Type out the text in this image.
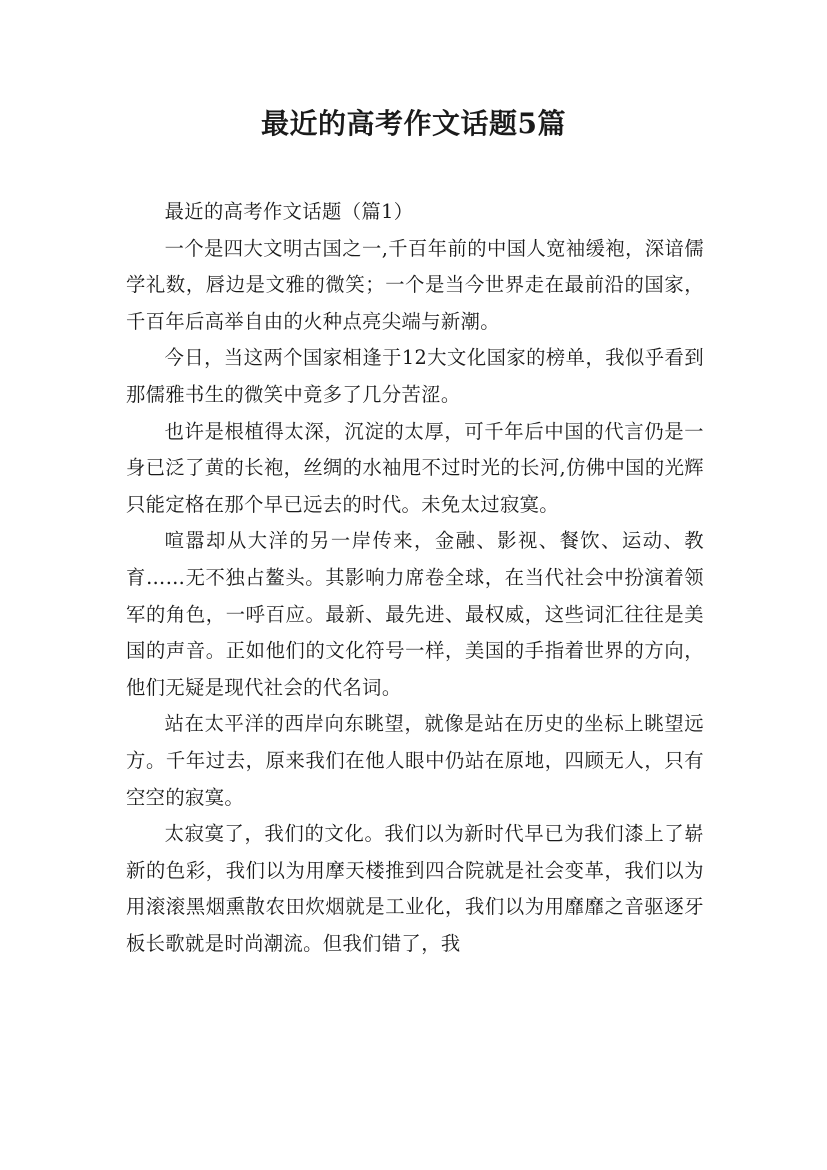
最近的高考作文话题5篇

最近的高考作文话题（篇1）

一个是四大文明古国之一,千百年前的中国人宽袖缓袍，深谙儒学礼数，唇边是文雅的微笑；一个是当今世界走在最前沿的国家，千百年后高举自由的火种点亮尖端与新潮。

今日，当这两个国家相逢于12大文化国家的榜单，我似乎看到那儒雅书生的微笑中竟多了几分苦涩。

也许是根植得太深，沉淀的太厚，可千年后中国的代言仍是一身已泛了黄的长袍，丝绸的水袖甩不过时光的长河,仿佛中国的光辉只能定格在那个早已远去的时代。未免太过寂寞。

喧嚣却从大洋的另一岸传来，金融、影视、餐饮、运动、教育……无不独占鳌头。其影响力席卷全球，在当代社会中扮演着领军的角色，一呼百应。最新、最先进、最权威，这些词汇往往是美国的声音。正如他们的文化符号一样，美国的手指着世界的方向，他们无疑是现代社会的代名词。

站在太平洋的西岸向东眺望，就像是站在历史的坐标上眺望远方。千年过去，原来我们在他人眼中仍站在原地，四顾无人，只有空空的寂寞。

太寂寞了，我们的文化。我们以为新时代早已为我们漆上了崭新的色彩，我们以为用摩天楼推到四合院就是社会变革，我们以为用滚滚黑烟熏散农田炊烟就是工业化，我们以为用靡靡之音驱逐牙板长歌就是时尚潮流。但我们错了，我
